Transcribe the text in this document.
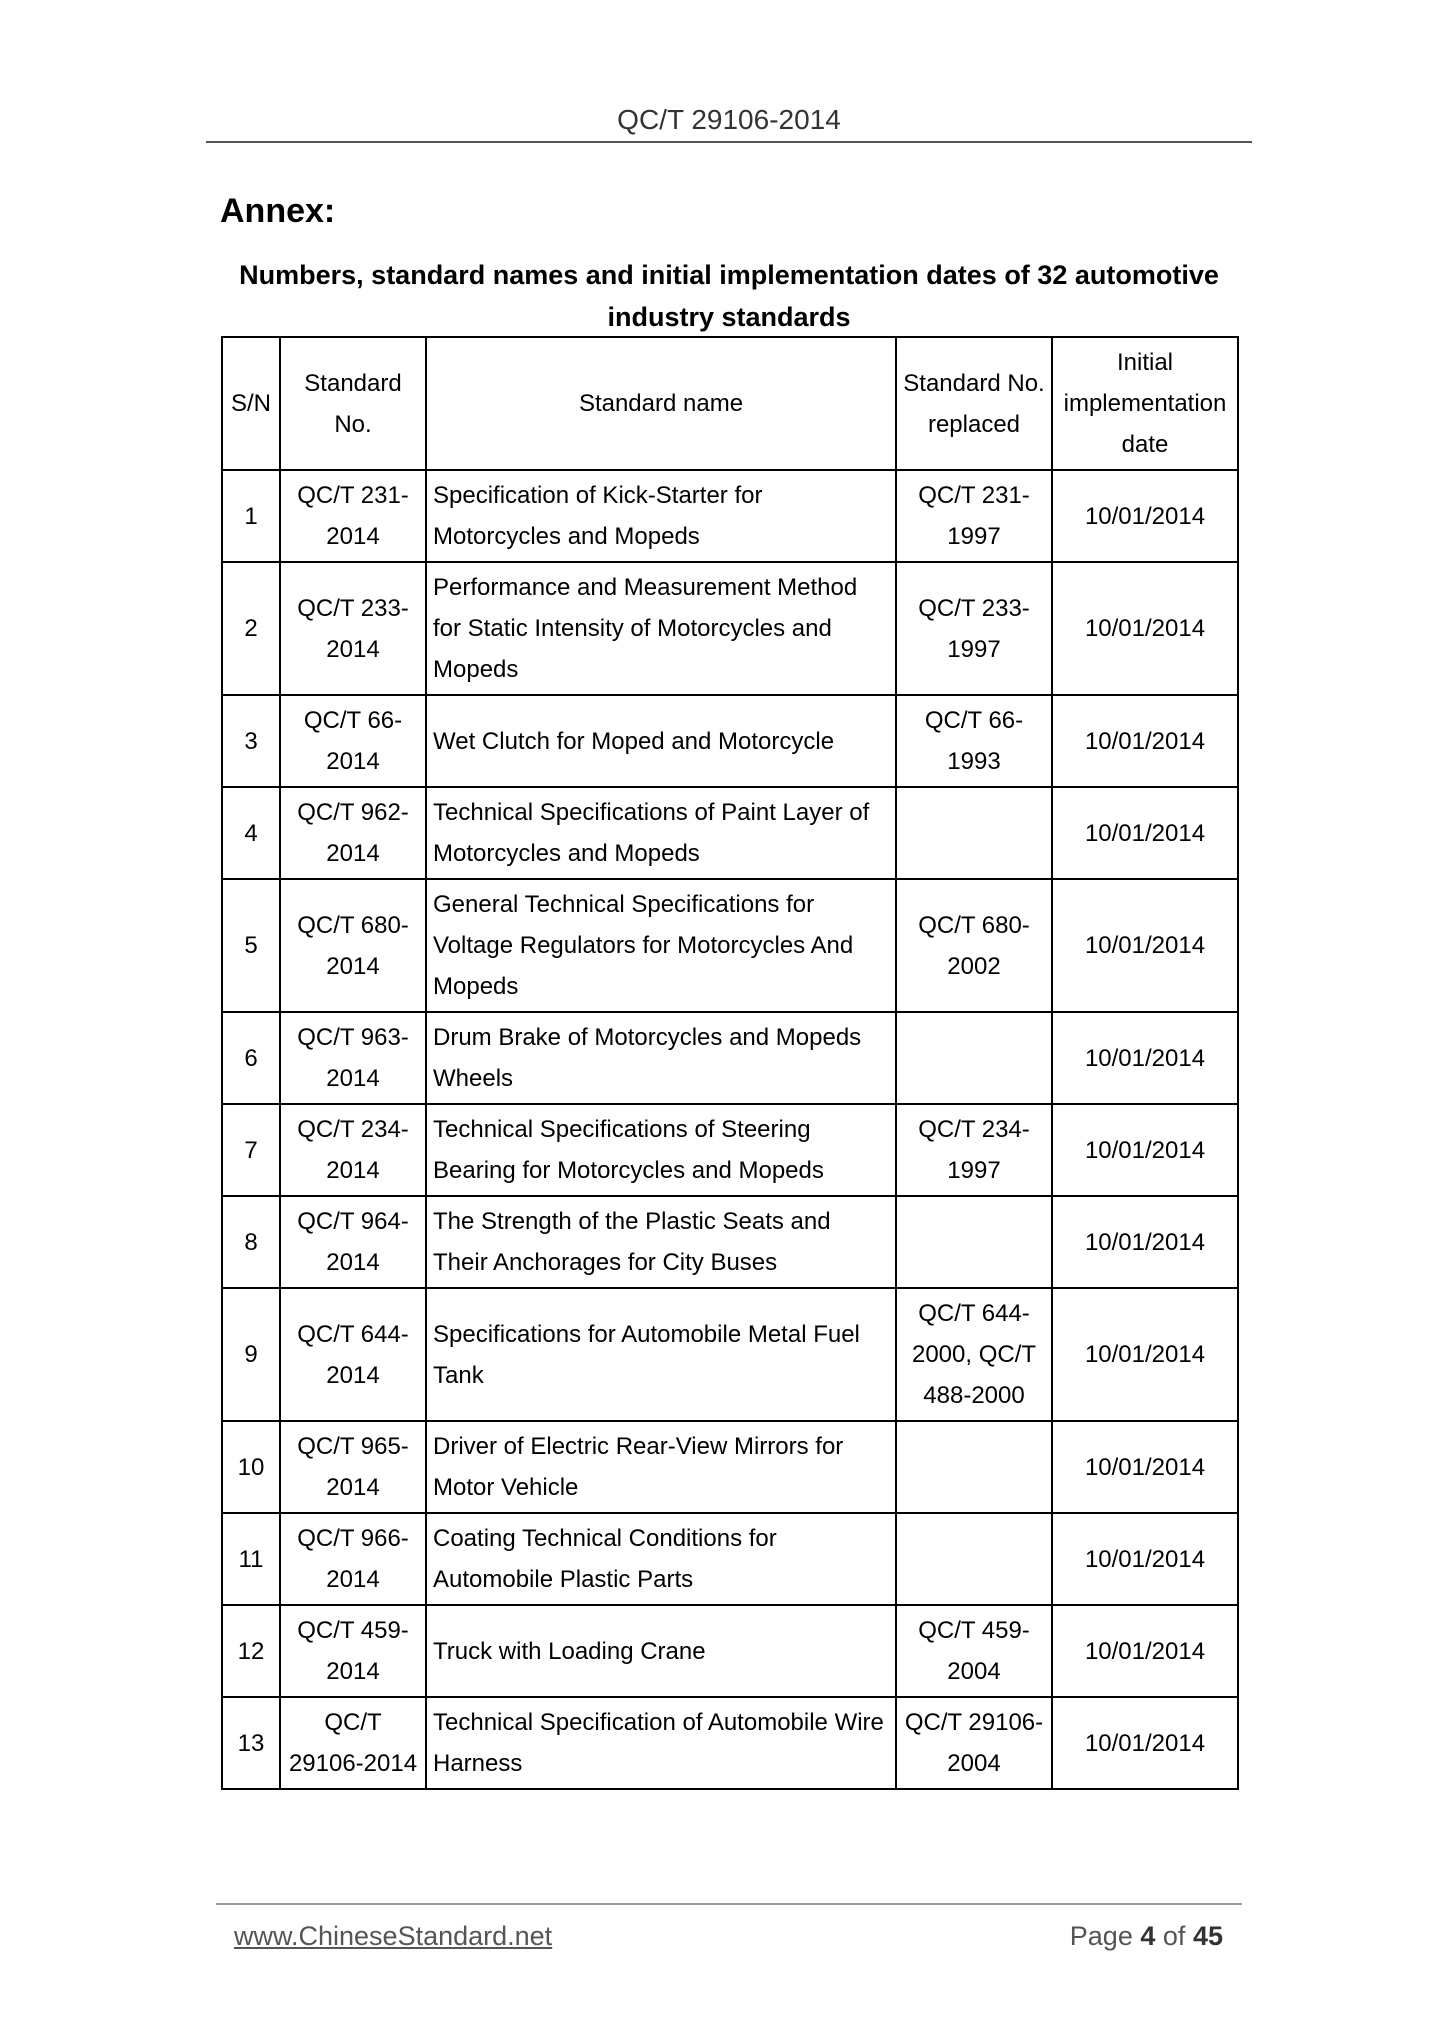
QC/T 29106-2014
Annex:

Numbers, standard names and initial implementation dates of 32 automotive industry standards

S/N	Standard No.	Standard name	Standard No. replaced	Initial implementation date
1	QC/T 231-2014	Specification of Kick-Starter for Motorcycles and Mopeds	QC/T 231-1997	10/01/2014
2	QC/T 233-2014	Performance and Measurement Method for Static Intensity of Motorcycles and Mopeds	QC/T 233-1997	10/01/2014
3	QC/T 66-2014	Wet Clutch for Moped and Motorcycle	QC/T 66-1993	10/01/2014
4	QC/T 962-2014	Technical Specifications of Paint Layer of Motorcycles and Mopeds		10/01/2014
5	QC/T 680-2014	General Technical Specifications for Voltage Regulators for Motorcycles And Mopeds	QC/T 680-2002	10/01/2014
6	QC/T 963-2014	Drum Brake of Motorcycles and Mopeds Wheels		10/01/2014
7	QC/T 234-2014	Technical Specifications of Steering Bearing for Motorcycles and Mopeds	QC/T 234-1997	10/01/2014
8	QC/T 964-2014	The Strength of the Plastic Seats and Their Anchorages for City Buses		10/01/2014
9	QC/T 644-2014	Specifications for Automobile Metal Fuel Tank	QC/T 644-2000, QC/T 488-2000	10/01/2014
10	QC/T 965-2014	Driver of Electric Rear-View Mirrors for Motor Vehicle		10/01/2014
11	QC/T 966-2014	Coating Technical Conditions for Automobile Plastic Parts		10/01/2014
12	QC/T 459-2014	Truck with Loading Crane	QC/T 459-2004	10/01/2014
13	QC/T 29106-2014	Technical Specification of Automobile Wire Harness	QC/T 29106-2004	10/01/2014
www.ChineseStandard.net	Page 4 of 45
